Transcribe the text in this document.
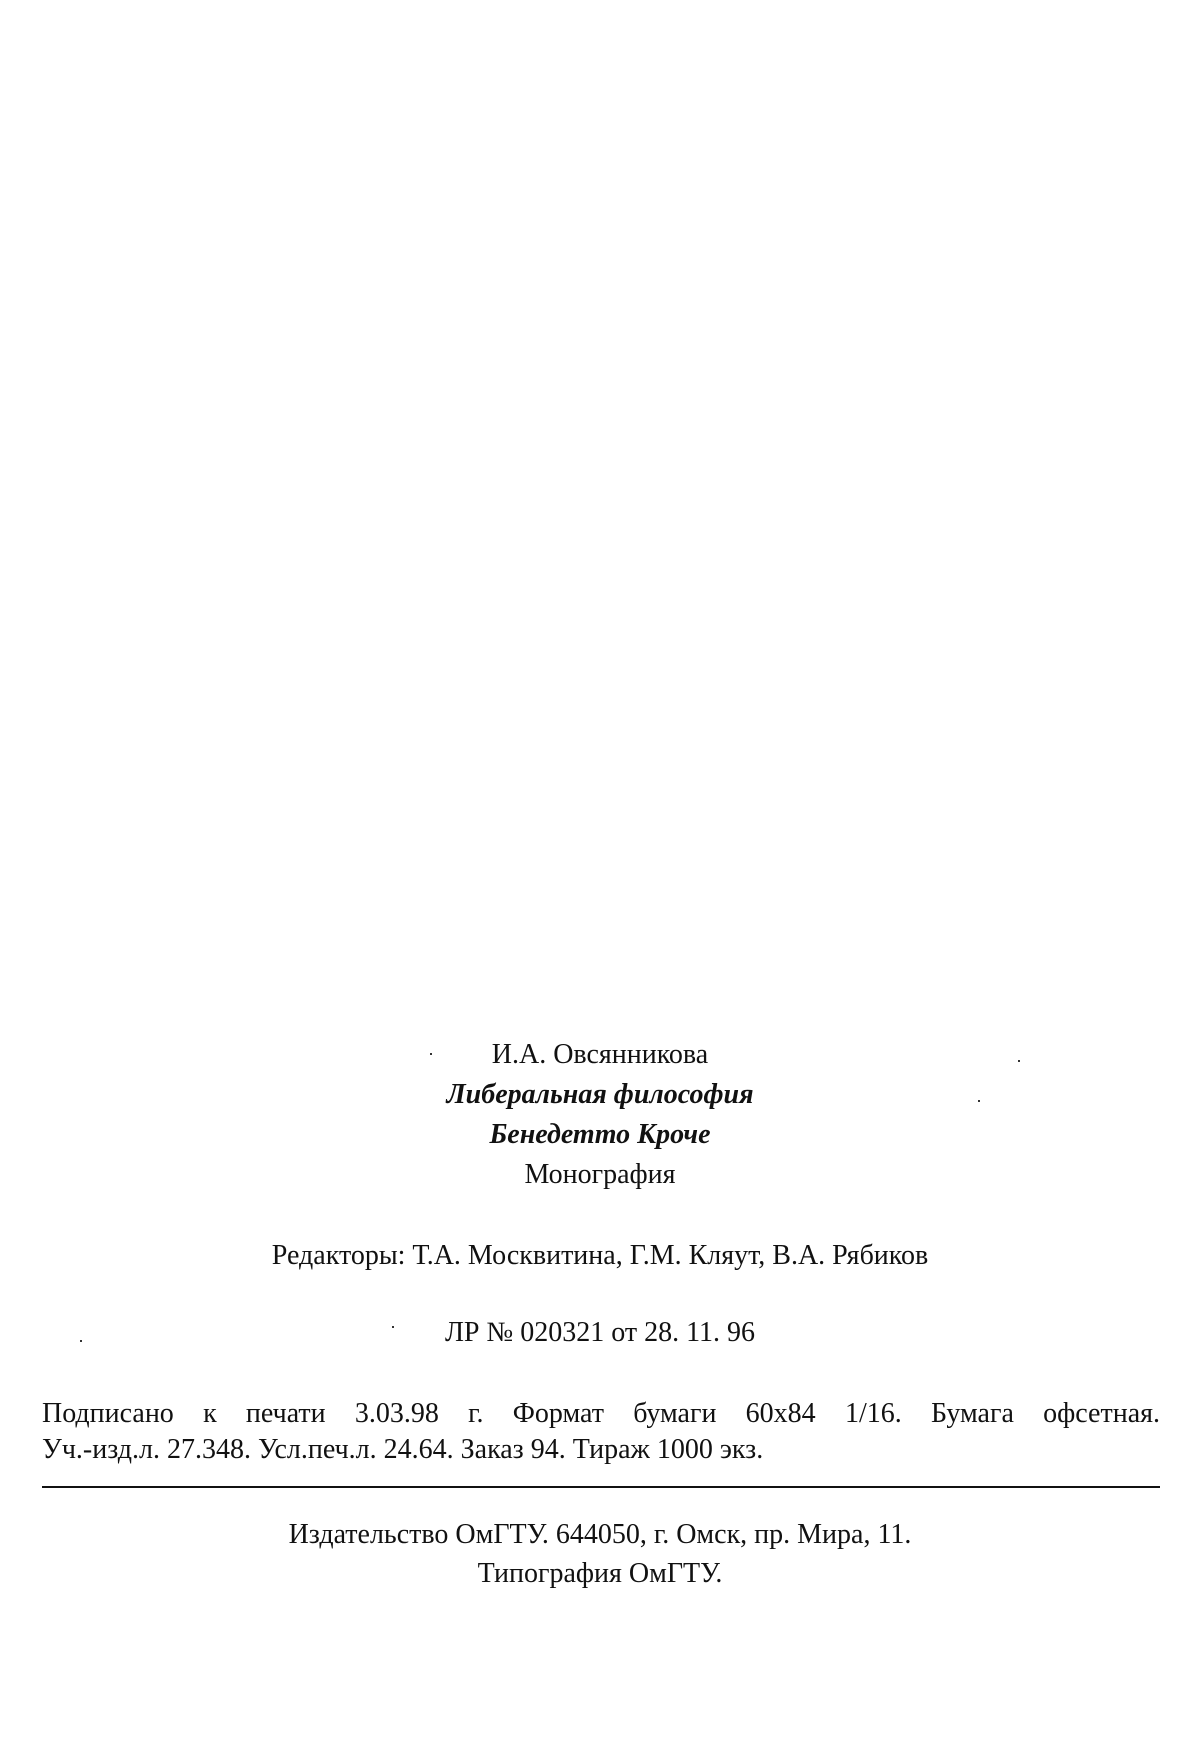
И.А. Овсянникова
Либеральная философия
Бенедетто Кроче
Монография
Редакторы: Т.А. Москвитина, Г.М. Кляут, В.А. Рябиков
ЛР № 020321 от 28. 11. 96
Подписано к печати 3.03.98 г. Формат бумаги 60х84 1/16. Бумага офсетная.
Уч.-изд.л. 27.348. Усл.печ.л. 24.64. Заказ 94. Тираж 1000 экз.
Издательство ОмГТУ. 644050, г. Омск, пр. Мира, 11.
Типография ОмГТУ.
